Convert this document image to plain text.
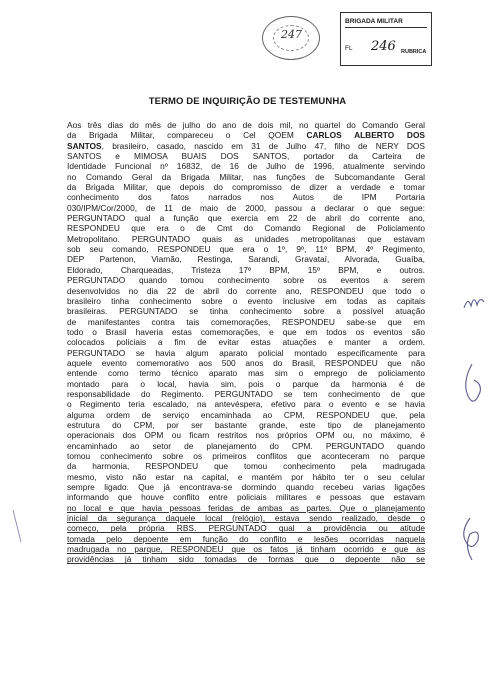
247
BRIGADA MILITAR
FL 246 RUBRICA
TERMO DE INQUIRIÇÃO DE TESTEMUNHA
Aos três dias do mês de julho do ano de dois mil, no quartel do Comando Geral
da Brigada Militar, compareceu o Cel QOEM CARLOS ALBERTO DOS
SANTOS, brasileiro, casado, nascido em 31 de Julho 47, filho de NERY DOS
SANTOS e MIMOSA BUAIS DOS SANTOS, portador da Carteira de
Identidade Funcional nº 16832, de 16 de Julho de 1996, atualmente servindo
no Comando Geral da Brigada Militar, nas funções de Subcomandante Geral
da Brigada Militar, que depois do compromisso de dizer a verdade e tomar
conhecimento dos fatos narrados nos Autos de IPM Portaria
030/IPM/Cor/2000, de 11 de maio de 2000, passou a declarar o que segue:
PERGUNTADO qual a função que exercia em 22 de abril do corrente ano,
RESPONDEU que era o de Cmt do Comando Regional de Policiamento
Metropolitano. PERGUNTADO quais as unidades metropolitanas que estavam
sob seu comando, RESPONDEU que era o 1º, 9º, 11º BPM, 4º Regimento,
DEP Partenon, Viamão, Restinga, Sarandi, Gravataí, Alvorada, Guaíba,
Eldorado, Charqueadas, Tristeza 17º BPM, 15º BPM, e outros.
PERGUNTADO quando tomou conhecimento sobre os eventos a serem
desenvolvidos no dia 22 de abril do corrente ano, RESPONDEU que todo o
brasileiro tinha conhecimento sobre o evento inclusive em todas as capitais
brasileiras. PERGUNTADO se tinha conhecimento sobre a possível atuação
de manifestantes contra tais comemorações, RESPONDEU sabe-se que em
todo o Brasil haveria estas comemorações, e que em todos os eventos são
colocados policiais a fim de evitar estas atuações e manter a ordem.
PERGUNTADO se havia algum aparato policial montado especificamente para
aquele evento comemorativo aos 500 anos do Brasil, RESPONDEU que não
entende como termo técnico aparato mas sim o emprego de policiamento
montado para o local, havia sim, pois o parque da harmonia é de
responsabilidade do Regimento. PERGUNTADO se tem conhecimento de que
o Regimento teria escalado, na antevéspera, efetivo para o evento e se havia
alguma ordem de serviço encaminhada ao CPM, RESPONDEU que, pela
estrutura do CPM, por ser bastante grande, este tipo de planejamento
operacionais dos OPM ou ficam restritos nos próprios OPM ou, no máximo, é
encaminhado ao setor de planejamento do CPM. PERGUNTADO quando
tomou conhecimento sobre os primeiros conflitos que aconteceram no parque
da harmonia, RESPONDEU que tomou conhecimento pela madrugada
mesmo, visto não estar na capital, e mantém por hábito ter o seu celular
sempre ligado. Que já encontrava-se dormindo quando recebeu varias ligações
informando que houve conflito entre policiais militares e pessoas que estavam
no local e que havia pessoas feridas de ambas as partes. Que o planejamento
inicial da segurança daquele local (relógio), estava sendo realizado, desde o
começo, pela própria RBS. PERGUNTADO qual a providência ou atitude
tomada pelo depoente em função do conflito e lesões ocorridas naquela
madrugada no parque, RESPONDEU que os fatos já tinham ocorrido e que as
providências já tinham sido tomadas de formas que o depoente não se
